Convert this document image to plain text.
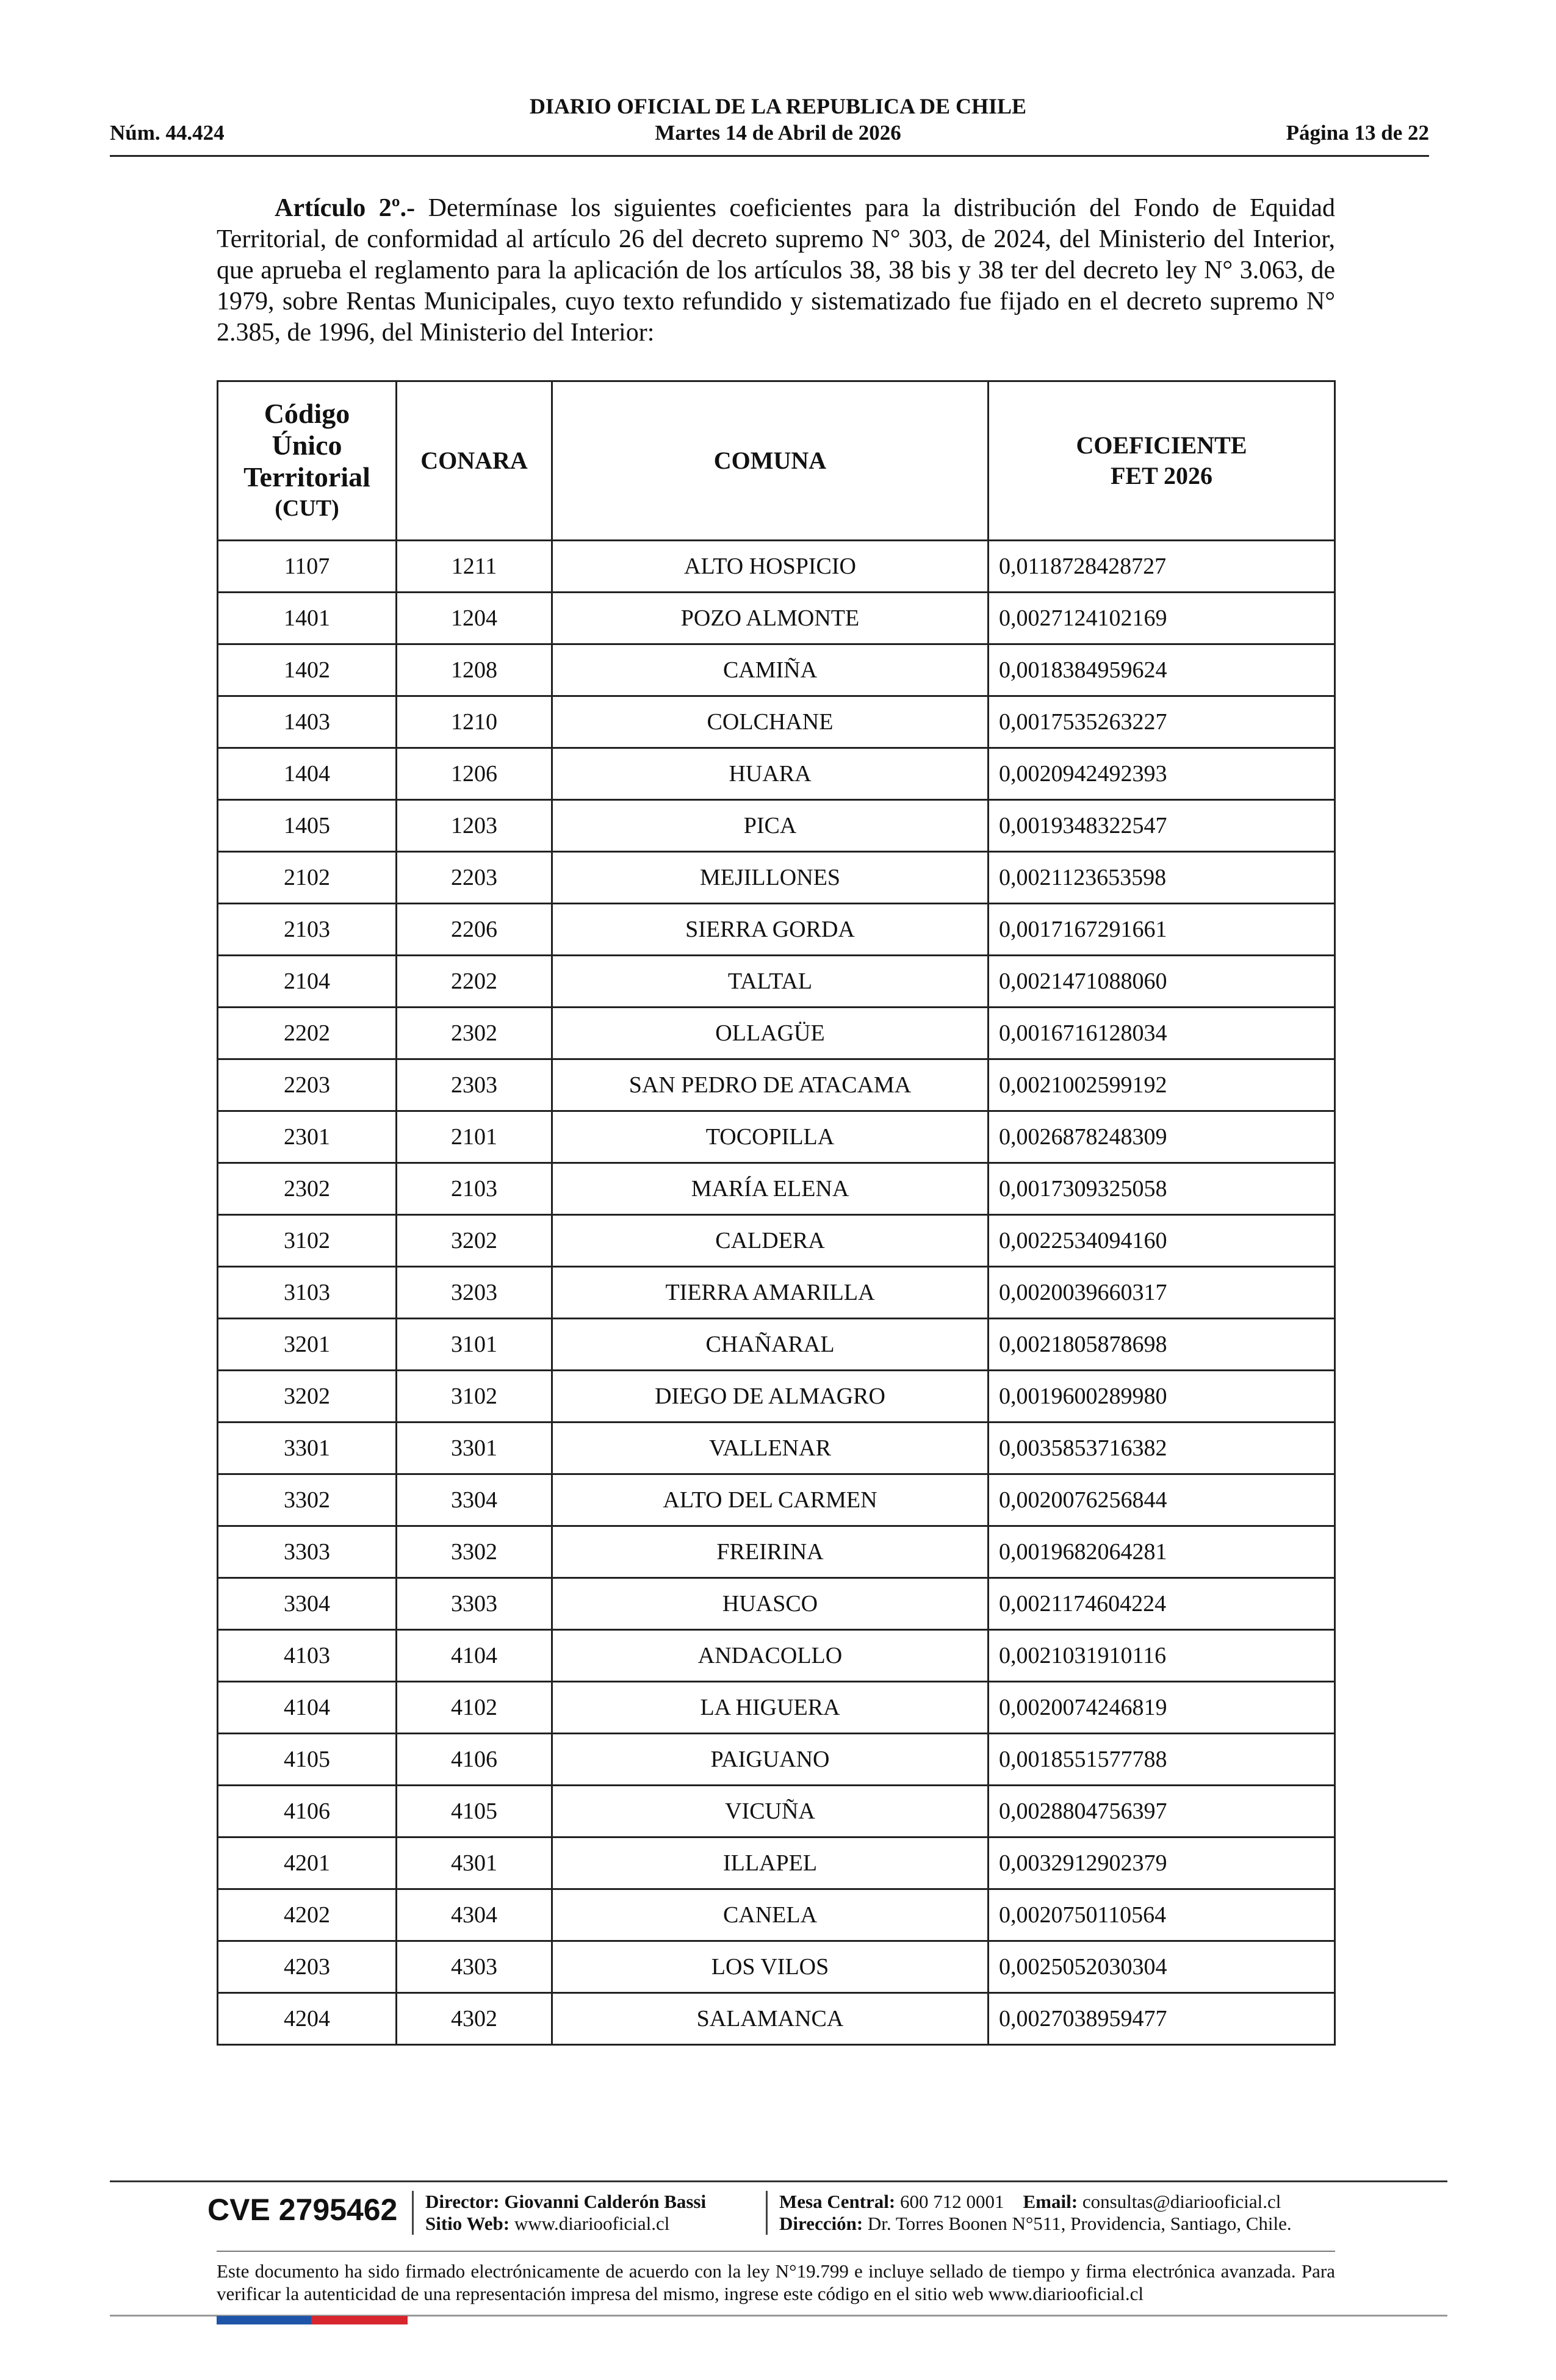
DIARIO OFICIAL DE LA REPUBLICA DE CHILE
Núm. 44.424	Martes 14 de Abril de 2026	Página 13 de 22
Artículo 2º.- Determínase los siguientes coeficientes para la distribución del Fondo de Equidad Territorial, de conformidad al artículo 26 del decreto supremo N° 303, de 2024, del Ministerio del Interior, que aprueba el reglamento para la aplicación de los artículos 38, 38 bis y 38 ter del decreto ley N° 3.063, de 1979, sobre Rentas Municipales, cuyo texto refundido y sistematizado fue fijado en el decreto supremo N° 2.385, de 1996, del Ministerio del Interior:
Código
Único
Territorial
(CUT)	CONARA	COMUNA	COEFICIENTE
FET 2026

1107	1211	ALTO HOSPICIO	0,0118728428727
1401	1204	POZO ALMONTE	0,0027124102169
1402	1208	CAMIÑA	0,0018384959624
1403	1210	COLCHANE	0,0017535263227
1404	1206	HUARA	0,0020942492393
1405	1203	PICA	0,0019348322547
2102	2203	MEJILLONES	0,0021123653598
2103	2206	SIERRA GORDA	0,0017167291661
2104	2202	TALTAL	0,0021471088060
2202	2302	OLLAGÜE	0,0016716128034
2203	2303	SAN PEDRO DE ATACAMA	0,0021002599192
2301	2101	TOCOPILLA	0,0026878248309
2302	2103	MARÍA ELENA	0,0017309325058
3102	3202	CALDERA	0,0022534094160
3103	3203	TIERRA AMARILLA	0,0020039660317
3201	3101	CHAÑARAL	0,0021805878698
3202	3102	DIEGO DE ALMAGRO	0,0019600289980
3301	3301	VALLENAR	0,0035853716382
3302	3304	ALTO DEL CARMEN	0,0020076256844
3303	3302	FREIRINA	0,0019682064281
3304	3303	HUASCO	0,0021174604224
4103	4104	ANDACOLLO	0,0021031910116
4104	4102	LA HIGUERA	0,0020074246819
4105	4106	PAIGUANO	0,0018551577788
4106	4105	VICUÑA	0,0028804756397
4201	4301	ILLAPEL	0,0032912902379
4202	4304	CANELA	0,0020750110564
4203	4303	LOS VILOS	0,0025052030304
4204	4302	SALAMANCA	0,0027038959477
CVE 2795462 Director: Giovanni Calderón Bassi
Sitio Web: www.diariooficial.cl
Mesa Central: 600 712 0001 Email: consultas@diariooficial.cl
Dirección: Dr. Torres Boonen N°511, Providencia, Santiago, Chile.
Este documento ha sido firmado electrónicamente de acuerdo con la ley N°19.799 e incluye sellado de tiempo y firma electrónica avanzada. Para verificar la autenticidad de una representación impresa del mismo, ingrese este código en el sitio web www.diariooficial.cl
